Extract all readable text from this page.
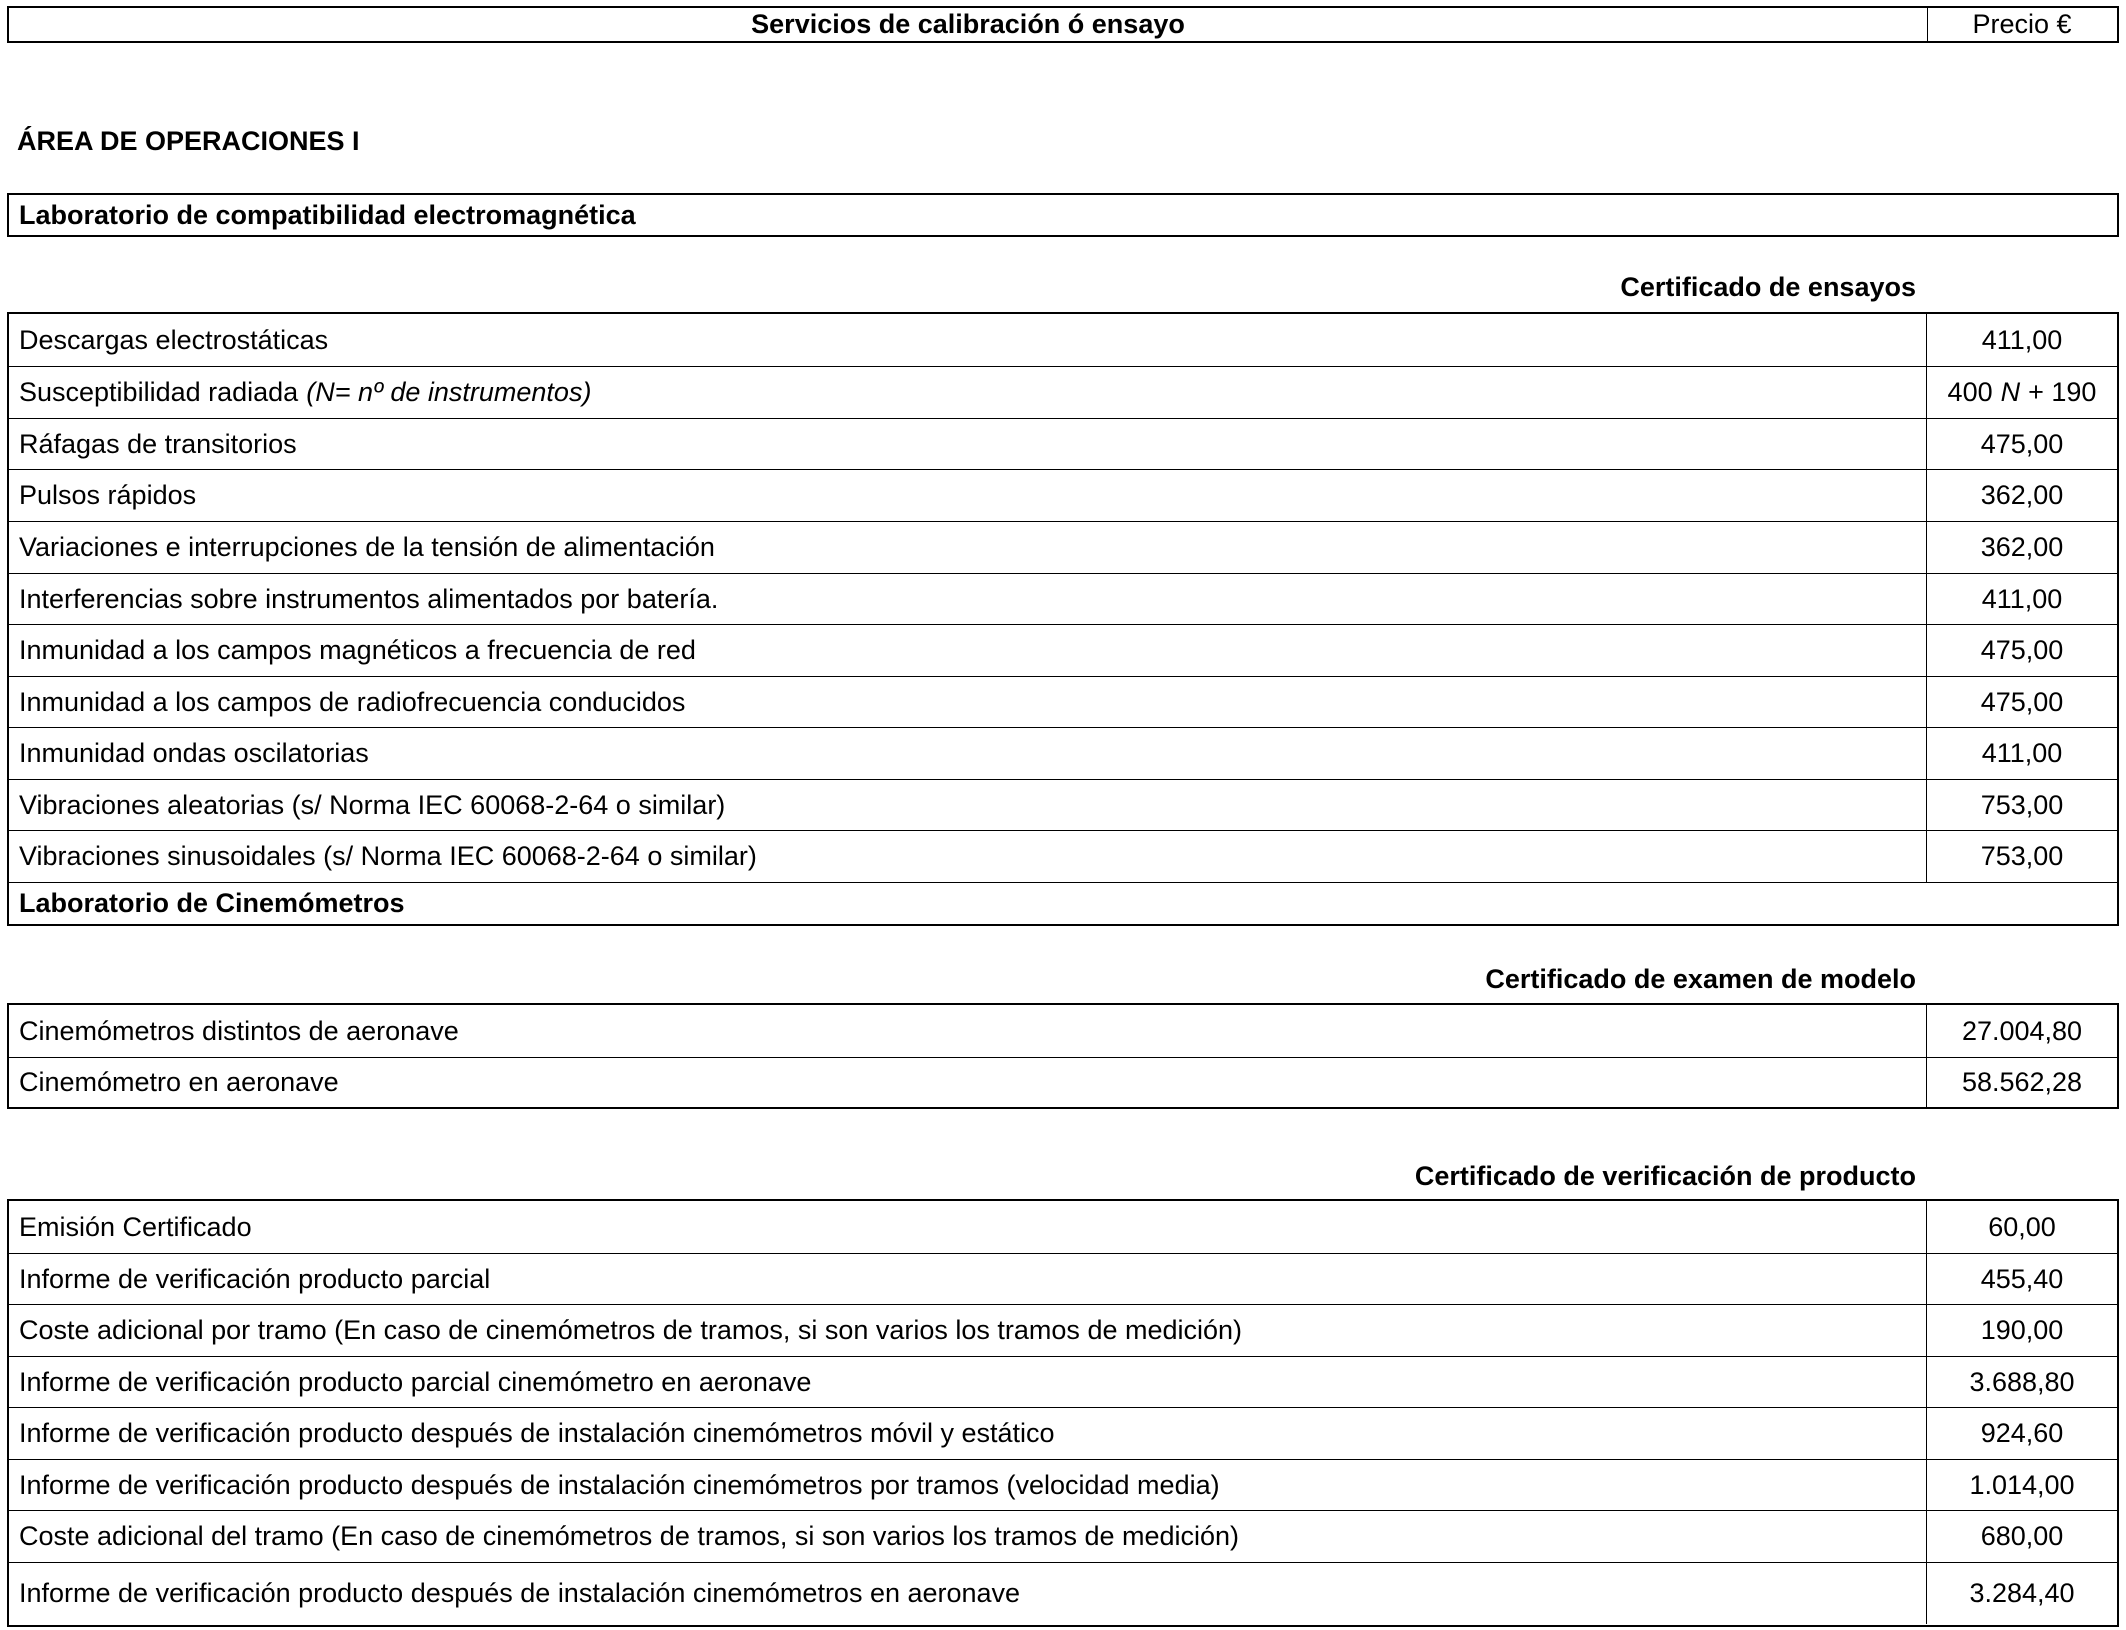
Servicios de calibración ó ensayo	Precio €
ÁREA DE OPERACIONES I
Laboratorio de compatibilidad electromagnética
Certificado de ensayos
Descargas electrostáticas	411,00
Susceptibilidad radiada (N= nº de instrumentos)	400 N + 190
Ráfagas de transitorios	475,00
Pulsos rápidos	362,00
Variaciones e interrupciones de la tensión de alimentación	362,00
Interferencias sobre instrumentos alimentados por batería.	411,00
Inmunidad a los campos magnéticos a frecuencia de red	475,00
Inmunidad a los campos de radiofrecuencia conducidos	475,00
Inmunidad ondas oscilatorias	411,00
Vibraciones aleatorias (s/ Norma IEC 60068-2-64 o similar)	753,00
Vibraciones sinusoidales (s/ Norma IEC 60068-2-64 o similar)	753,00
Laboratorio de Cinemómetros
Certificado de examen de modelo
Cinemómetros distintos de aeronave	27.004,80
Cinemómetro en aeronave	58.562,28
Certificado de verificación de producto
Emisión Certificado	60,00
Informe de verificación producto parcial	455,40
Coste adicional por tramo (En caso de cinemómetros de tramos, si son varios los tramos de medición)	190,00
Informe de verificación producto parcial cinemómetro en aeronave	3.688,80
Informe de verificación producto después de instalación cinemómetros móvil y estático	924,60
Informe de verificación producto después de instalación cinemómetros por tramos (velocidad media)	1.014,00
Coste adicional del tramo (En caso de cinemómetros de tramos, si son varios los tramos de medición)	680,00
Informe de verificación producto después de instalación cinemómetros en aeronave	3.284,40
